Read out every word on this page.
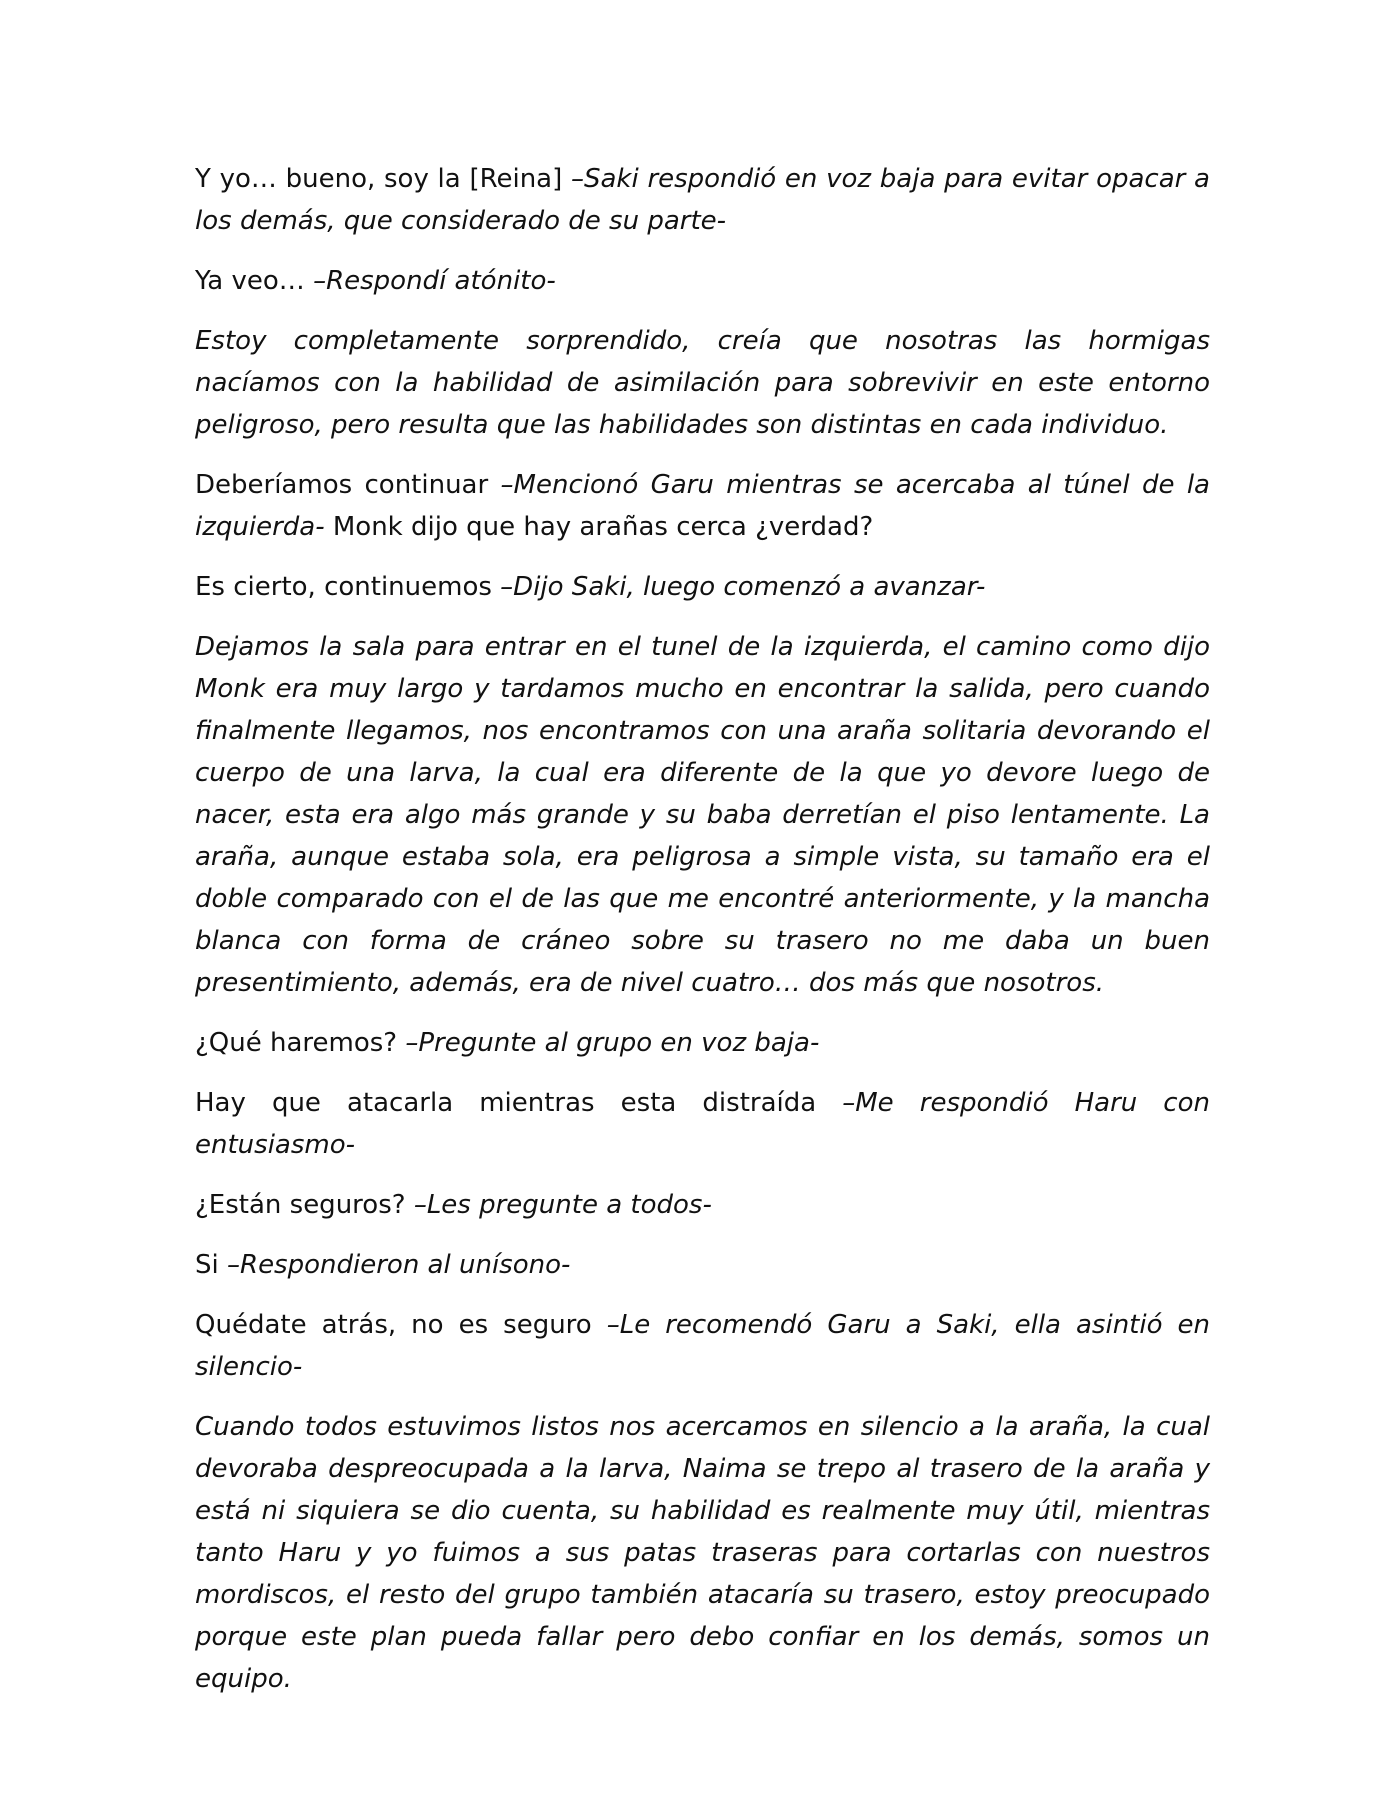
Y yo… bueno, soy la [Reina] –Saki respondió en voz baja para evitar opacar a los demás, que considerado de su parte-

Ya veo… –Respondí atónito-

Estoy completamente sorprendido, creía que nosotras las hormigas nacíamos con la habilidad de asimilación para sobrevivir en este entorno peligroso, pero resulta que las habilidades son distintas en cada individuo.

Deberíamos continuar –Mencionó Garu mientras se acercaba al túnel de la izquierda- Monk dijo que hay arañas cerca ¿verdad?

Es cierto, continuemos –Dijo Saki, luego comenzó a avanzar-

Dejamos la sala para entrar en el tunel de la izquierda, el camino como dijo Monk era muy largo y tardamos mucho en encontrar la salida, pero cuando finalmente llegamos, nos encontramos con una araña solitaria devorando el cuerpo de una larva, la cual era diferente de la que yo devore luego de nacer, esta era algo más grande y su baba derretían el piso lentamente. La araña, aunque estaba sola, era peligrosa a simple vista, su tamaño era el doble comparado con el de las que me encontré anteriormente, y la mancha blanca con forma de cráneo sobre su trasero no me daba un buen presentimiento, además, era de nivel cuatro… dos más que nosotros.

¿Qué haremos? –Pregunte al grupo en voz baja-

Hay que atacarla mientras esta distraída –Me respondió Haru con entusiasmo-

¿Están seguros? –Les pregunte a todos-

Si –Respondieron al unísono-

Quédate atrás, no es seguro –Le recomendó Garu a Saki, ella asintió en silencio-

Cuando todos estuvimos listos nos acercamos en silencio a la araña, la cual devoraba despreocupada a la larva, Naima se trepo al trasero de la araña y está ni siquiera se dio cuenta, su habilidad es realmente muy útil, mientras tanto Haru y yo fuimos a sus patas traseras para cortarlas con nuestros mordiscos, el resto del grupo también atacaría su trasero, estoy preocupado porque este plan pueda fallar pero debo confiar en los demás, somos un equipo.
